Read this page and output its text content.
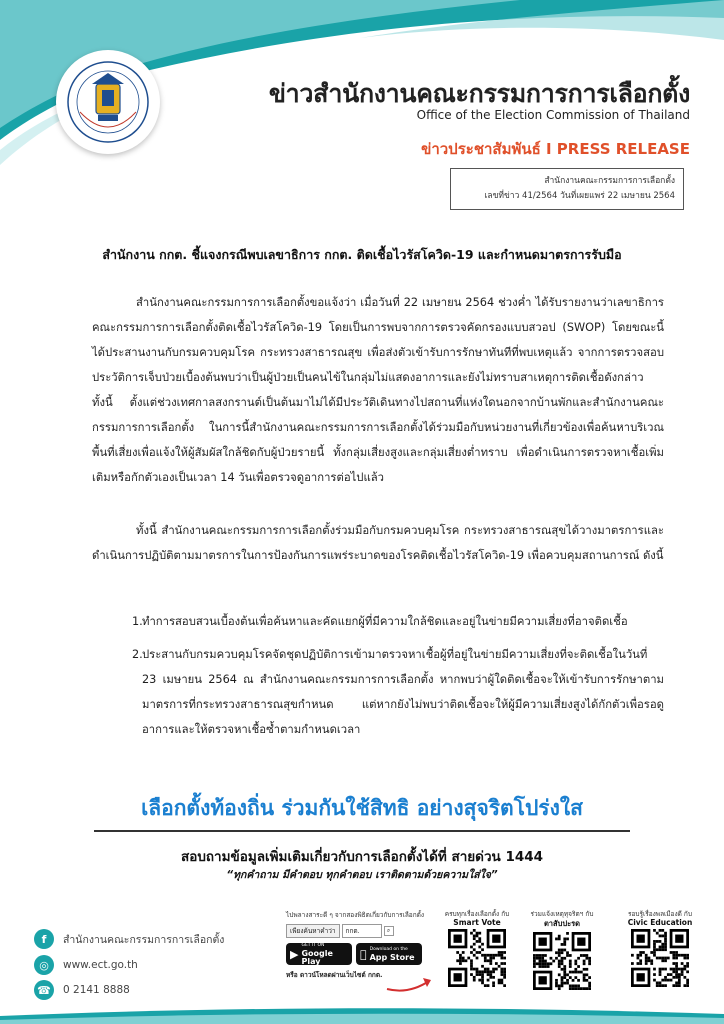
ข่าวสำนักงานคณะกรรมการการเลือกตั้ง
Office of the Election Commission of Thailand
ข่าวประชาสัมพันธ์ I PRESS RELEASE
สำนักงานคณะกรรมการการเลือกตั้ง
เลขที่ข่าว 41/2564 วันที่เผยแพร่ 22 เมษายน 2564
สำนักงาน กกต. ชี้แจงกรณีพบเลขาธิการ กกต. ติดเชื้อไวรัสโควิด-19 และกำหนดมาตรการรับมือ
สำนักงานคณะกรรมการการเลือกตั้งขอแจ้งว่า เมื่อวันที่ 22 เมษายน 2564 ช่วงค่ำ ได้รับรายงานว่าเลขาธิการคณะกรรมการการเลือกตั้งติดเชื้อไวรัสโควิด-19 โดยเป็นการพบจากการตรวจคัดกรองแบบสวอป (SWOP) โดยขณะนี้ได้ประสานงานกับกรมควบคุมโรค กระทรวงสาธารณสุข เพื่อส่งตัวเข้ารับการรักษาทันทีที่พบเหตุแล้ว จากการตรวจสอบประวัติการเจ็บป่วยเบื้องต้นพบว่าเป็นผู้ป่วยเป็นคนไข้ในกลุ่มไม่แสดงอาการและยังไม่ทราบสาเหตุการติดเชื้อดังกล่าว ทั้งนี้ ตั้งแต่ช่วงเทศกาลสงกรานต์เป็นต้นมาไม่ได้มีประวัติเดินทางไปสถานที่แห่งใดนอกจากบ้านพักและสำนักงานคณะกรรมการการเลือกตั้ง ในการนี้สำนักงานคณะกรรมการการเลือกตั้งได้ร่วมมือกับหน่วยงานที่เกี่ยวข้องเพื่อค้นหาบริเวณพื้นที่เสี่ยงเพื่อแจ้งให้ผู้สัมผัสใกล้ชิดกับผู้ป่วยรายนี้ ทั้งกลุ่มเสี่ยงสูงและกลุ่มเสี่ยงต่ำทราบ เพื่อดำเนินการตรวจหาเชื้อเพิ่มเติมหรือกักตัวเองเป็นเวลา 14 วันเพื่อตรวจดูอาการต่อไปแล้ว
ทั้งนี้ สำนักงานคณะกรรมการการเลือกตั้งร่วมมือกับกรมควบคุมโรค กระทรวงสาธารณสุขได้วางมาตรการและดำเนินการปฏิบัติตามมาตรการในการป้องกันการแพร่ระบาดของโรคติดเชื้อไวรัสโควิด-19 เพื่อควบคุมสถานการณ์ ดังนี้
1. ทำการสอบสวนเบื้องต้นเพื่อค้นหาและคัดแยกผู้ที่มีความใกล้ชิดและอยู่ในข่ายมีความเสี่ยงที่อาจติดเชื้อ
2. ประสานกับกรมควบคุมโรคจัดชุดปฏิบัติการเข้ามาตรวจหาเชื้อผู้ที่อยู่ในข่ายมีความเสี่ยงที่จะติดเชื้อในวันที่ 23 เมษายน 2564 ณ สำนักงานคณะกรรมการการเลือกตั้ง หากพบว่าผู้ใดติดเชื้อจะให้เข้ารับการรักษาตามมาตรการที่กระทรวงสาธารณสุขกำหนด แต่หากยังไม่พบว่าติดเชื้อจะให้ผู้มีความเสี่ยงสูงได้กักตัวเพื่อรอดูอาการและให้ตรวจหาเชื้อซ้ำตามกำหนดเวลา
เลือกตั้งท้องถิ่น ร่วมกันใช้สิทธิ อย่างสุจริตโปร่งใส
สอบถามข้อมูลเพิ่มเติมเกี่ยวกับการเลือกตั้งได้ที่ สายด่วน 1444
“ทุกคำถาม มีคำตอบ ทุกคำตอบ เราติดตามด้วยความใส่ใจ”
f	สำนักงานคณะกรรมการการเลือกตั้ง
◎	www.ect.go.th
☎	0 2141 8888
ไปพลางสาระดี ๆ จากสองพิธิตเกี่ยวกับการเลือกตั้ง
เพียงค้นหาคำว่า	กกต.	⌕
▶
GET IT ON
Google Play
Download on the
App Store
หรือ ดาวน์โหลดผ่านเว็บไซต์ กกต.
ครบทุกเรื่องเลือกตั้ง กับ
Smart Vote
ร่วมแจ้งเหตุทุจริตฯ กับ
ตาสับปะรด
รอบรู้เรื่องพลเมืองดี กับ
Civic Education
